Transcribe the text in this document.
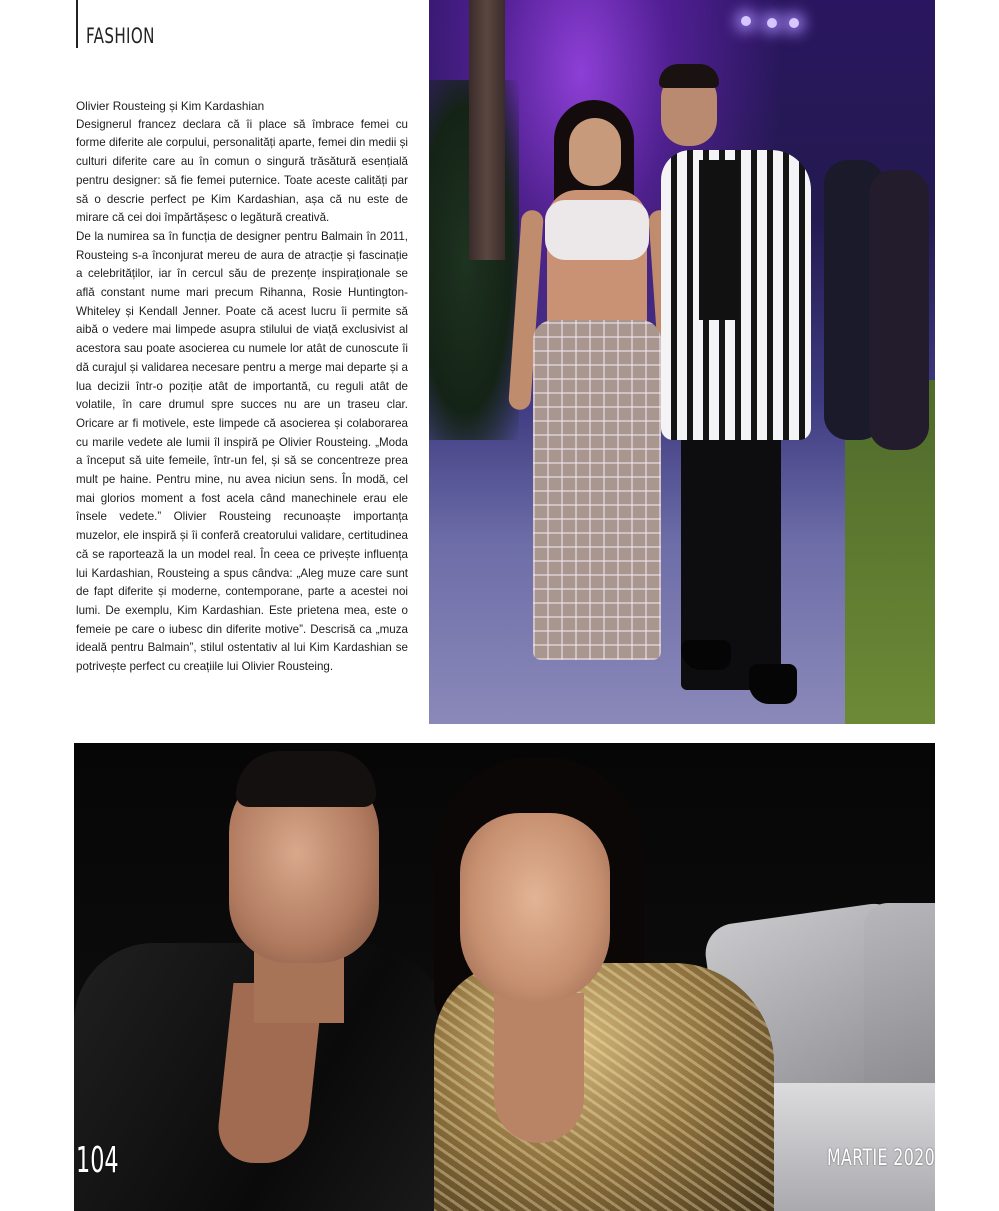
FASHION
Olivier Rousteing și Kim Kardashian

Designerul francez declara că îi place să îmbrace femei cu forme diferite ale corpului, personalități aparte, femei din medii și culturi diferite care au în comun o singură trăsătură esențială pentru designer: să fie femei puternice. Toate aceste calități par să o descrie perfect pe Kim Kardashian, așa că nu este de mirare că cei doi împărtășesc o legătură creativă.

De la numirea sa în funcția de designer pentru Balmain în 2011, Rousteing s-a înconjurat mereu de aura de atracție și fascinație a celebrităților, iar în cercul său de prezențe inspiraționale se află constant nume mari precum Rihanna, Rosie Huntington-Whiteley și Kendall Jenner. Poate că acest lucru îi permite să aibă o vedere mai limpede asupra stilului de viață exclusivist al acestora sau poate asocierea cu numele lor atât de cunoscute îi dă curajul și validarea necesare pentru a merge mai departe și a lua decizii într-o poziție atât de importantă, cu reguli atât de volatile, în care drumul spre succes nu are un traseu clar. Oricare ar fi motivele, este limpede că asocierea și colaborarea cu marile vedete ale lumii îl inspiră pe Olivier Rousteing. „Moda a început să uite femeile, într-un fel, și să se concentreze prea mult pe haine. Pentru mine, nu avea niciun sens. În modă, cel mai glorios moment a fost acela când manechinele erau ele însele vedete.” Olivier Rousteing recunoaște importanța muzelor, ele inspiră și îi conferă creatorului validare, certitudinea că se raportează la un model real. În ceea ce privește influența lui Kardashian, Rousteing a spus cândva: „Aleg muze care sunt de fapt diferite și moderne, contemporane, parte a acestei noi lumi. De exemplu, Kim Kardashian. Este prietena mea, este o femeie pe care o iubesc din diferite motive”. Descrisă ca „muza ideală pentru Balmain”, stilul ostentativ al lui Kim Kardashian se potrivește perfect cu creațiile lui Olivier Rousteing.

104	MARTIE 2020
